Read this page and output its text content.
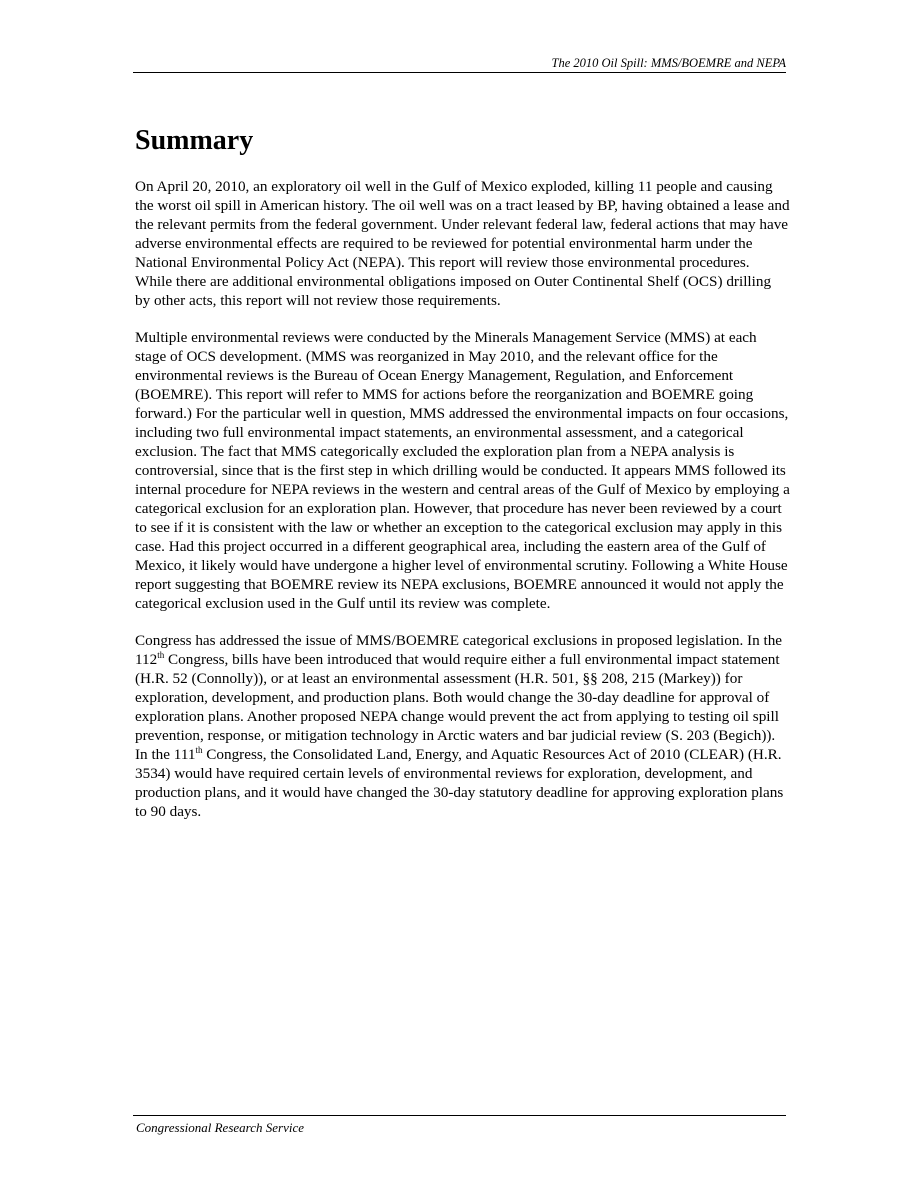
The 2010 Oil Spill: MMS/BOEMRE and NEPA
Summary

On April 20, 2010, an exploratory oil well in the Gulf of Mexico exploded, killing 11 people and causing the worst oil spill in American history. The oil well was on a tract leased by BP, having obtained a lease and the relevant permits from the federal government. Under relevant federal law, federal actions that may have adverse environmental effects are required to be reviewed for potential environmental harm under the National Environmental Policy Act (NEPA). This report will review those environmental procedures. While there are additional environmental obligations imposed on Outer Continental Shelf (OCS) drilling by other acts, this report will not review those requirements.

Multiple environmental reviews were conducted by the Minerals Management Service (MMS) at each stage of OCS development. (MMS was reorganized in May 2010, and the relevant office for the environmental reviews is the Bureau of Ocean Energy Management, Regulation, and Enforcement (BOEMRE). This report will refer to MMS for actions before the reorganization and BOEMRE going forward.) For the particular well in question, MMS addressed the environmental impacts on four occasions, including two full environmental impact statements, an environmental assessment, and a categorical exclusion. The fact that MMS categorically excluded the exploration plan from a NEPA analysis is controversial, since that is the first step in which drilling would be conducted. It appears MMS followed its internal procedure for NEPA reviews in the western and central areas of the Gulf of Mexico by employing a categorical exclusion for an exploration plan. However, that procedure has never been reviewed by a court to see if it is consistent with the law or whether an exception to the categorical exclusion may apply in this case. Had this project occurred in a different geographical area, including the eastern area of the Gulf of Mexico, it likely would have undergone a higher level of environmental scrutiny. Following a White House report suggesting that BOEMRE review its NEPA exclusions, BOEMRE announced it would not apply the categorical exclusion used in the Gulf until its review was complete.

Congress has addressed the issue of MMS/BOEMRE categorical exclusions in proposed legislation. In the 112th Congress, bills have been introduced that would require either a full environmental impact statement (H.R. 52 (Connolly)), or at least an environmental assessment (H.R. 501, §§ 208, 215 (Markey)) for exploration, development, and production plans. Both would change the 30-day deadline for approval of exploration plans. Another proposed NEPA change would prevent the act from applying to testing oil spill prevention, response, or mitigation technology in Arctic waters and bar judicial review (S. 203 (Begich)). In the 111th Congress, the Consolidated Land, Energy, and Aquatic Resources Act of 2010 (CLEAR) (H.R. 3534) would have required certain levels of environmental reviews for exploration, development, and production plans, and it would have changed the 30-day statutory deadline for approving exploration plans to 90 days.

Congressional Research Service
